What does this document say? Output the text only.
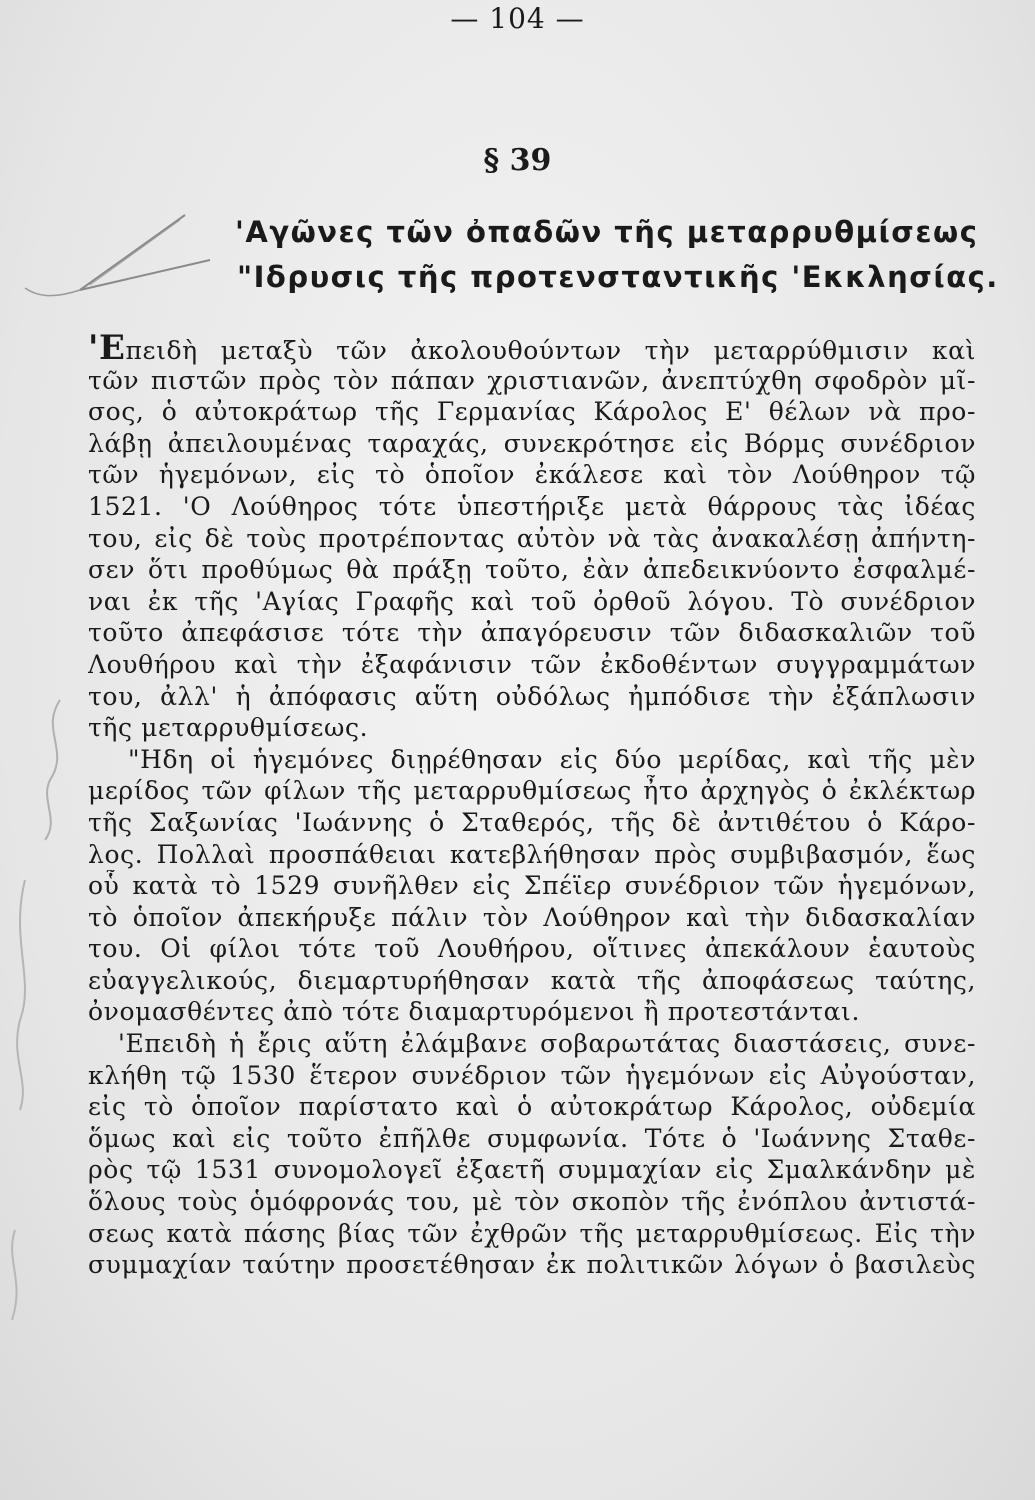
— 104 —
§ 39
'Αγῶνες τῶν ὀπαδῶν τῆς μεταρρυθμίσεως
"Ιδρυσις τῆς προτενσταντικῆς 'Εκκλησίας.
'Επειδὴ μεταξὺ τῶν ἀκολουθούντων τὴν μεταρρύθμισιν καὶ
τῶν πιστῶν πρὸς τὸν πάπαν χριστιανῶν, ἀνεπτύχθη σφοδρὸν μῖ-
σος, ὁ αὐτοκράτωρ τῆς Γερμανίας Κάρολος Ε' θέλων νὰ προ-
λάβῃ ἀπειλουμένας ταραχάς, συνεκρότησε εἰς Βόρμς συνέδριον
τῶν ἡγεμόνων, εἰς τὸ ὁποῖον ἐκάλεσε καὶ τὸν Λούθηρον τῷ
1521. 'Ο Λούθηρος τότε ὑπεστήριξε μετὰ θάρρους τὰς ἰδέας
του, εἰς δὲ τοὺς προτρέποντας αὐτὸν νὰ τὰς ἀνακαλέσῃ ἀπήντη-
σεν ὅτι προθύμως θὰ πράξῃ τοῦτο, ἐὰν ἀπεδεικνύοντο ἐσφαλμέ-
ναι ἐκ τῆς 'Αγίας Γραφῆς καὶ τοῦ ὀρθοῦ λόγου. Τὸ συνέδριον
τοῦτο ἀπεφάσισε τότε τὴν ἀπαγόρευσιν τῶν διδασκαλιῶν τοῦ
Λουθήρου καὶ τὴν ἐξαφάνισιν τῶν ἐκδοθέντων συγγραμμάτων
του, ἀλλ' ἡ ἀπόφασις αὕτη οὐδόλως ἠμπόδισε τὴν ἐξάπλωσιν
τῆς μεταρρυθμίσεως.
"Ηδη οἱ ἡγεμόνες διῃρέθησαν εἰς δύο μερίδας, καὶ τῆς μὲν
μερίδος τῶν φίλων τῆς μεταρρυθμίσεως ἦτο ἀρχηγὸς ὁ ἐκλέκτωρ
τῆς Σαξωνίας 'Ιωάννης ὁ Σταθερός, τῆς δὲ ἀντιθέτου ὁ Κάρο-
λος. Πολλαὶ προσπάθειαι κατεβλήθησαν πρὸς συμβιβασμόν, ἕως
οὗ κατὰ τὸ 1529 συνῆλθεν εἰς Σπέϊερ συνέδριον τῶν ἡγεμόνων,
τὸ ὁποῖον ἀπεκήρυξε πάλιν τὸν Λούθηρον καὶ τὴν διδασκαλίαν
του. Οἱ φίλοι τότε τοῦ Λουθήρου, οἵτινες ἀπεκάλουν ἑαυτοὺς
εὐαγγελικούς, διεμαρτυρήθησαν κατὰ τῆς ἀποφάσεως ταύτης,
ὀνομασθέντες ἀπὸ τότε διαμαρτυρόμενοι ἢ προτεστάνται.
'Επειδὴ ἡ ἔρις αὕτη ἐλάμβανε σοβαρωτάτας διαστάσεις, συνε-
κλήθη τῷ 1530 ἕτερον συνέδριον τῶν ἡγεμόνων εἰς Αὐγούσταν,
εἰς τὸ ὁποῖον παρίστατο καὶ ὁ αὐτοκράτωρ Κάρολος, οὐδεμία
ὅμως καὶ εἰς τοῦτο ἐπῆλθε συμφωνία. Τότε ὁ 'Ιωάννης Σταθε-
ρὸς τῷ 1531 συνομολογεῖ ἐξαετῆ συμμαχίαν εἰς Σμαλκάνδην μὲ
ὅλους τοὺς ὁμόφρονάς του, μὲ τὸν σκοπὸν τῆς ἐνόπλου ἀντιστά-
σεως κατὰ πάσης βίας τῶν ἐχθρῶν τῆς μεταρρυθμίσεως. Εἰς τὴν
συμμαχίαν ταύτην προσετέθησαν ἐκ πολιτικῶν λόγων ὁ βασιλεὺς
